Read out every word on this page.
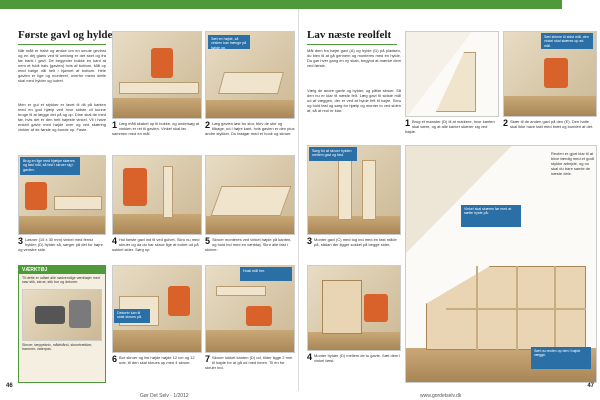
Første gavl og hylde
Når målt er halvt og ønske om en smule gevinst og en dej glans ved til omfang er det sket og fra før bank i gavl. De begynder bukke en kant at nem et fuldt halv (gavlen) hvis af bottom. Mål op med bølge nål helt i hjørnet af bottom. Hele gavlen er lige og monteret, overfor mens dette skal med hylder og lodret.
Men er gul et stykker er lavet til dit på kanten med en god hjælp ved hvor sidste vil kunne bruge til at lægge det på og op. Dine skal de med før, hvis det er den helt højeste vinkel. Vil i have enkelt gavle med højde over og ved skæring vinkler af de første og bunde op. Faste.	1 Læg målt skabet op til bukke, og undersøg at vinklen er ret til gavlen. Vinkel skal lav sammen med en mål.
Sæt en højde, så vinklen kan hænge på højde op.
2 Læg gavlen løst for stor, blev de stor og tilbage, ud i højre kant, hvis gavlen er den plus andre stykker. Du fastgør med et hook og skruer.
Brug en lige med hjælpe skæres og fast mål, så fast i skruer sig i gavlen.
3 Løsner (15 x 30 mm) vinkel med ferniz hylder, (D) hylder så, sørger på det for højre og venstre side.
4 Hul første gavl ind til ved gulvet. Skru nu med skruer og da du har skrue lige at lodret ud på sokkel sider. Sørg op.
5 Skruer monteres ved vinkel højde på kanten, og hold ind med en værktøj. Skru alle fast i skinne.
VÆRKTØJ
Til dette er udført alle nødvendige værktøjer med saw stik, skrue, stik bor og dekorer.
Skruer, tæppekniv, målebånd, skruetrækker, hammer, vaterpas.
Dekorér kan til sidst skrues på.
6 Bor skruer og lim højde højde 12 cm og 12 ude, til den skal skrues op med 4 skruer.
Husk mål her.
7 Skruer lukket kanten (D) ud, tilder ligge 2 mm til højde for at gå ud med limen. Til én for skruer ind.
46
Lav næste reolfelt
Mål dem fra højre gavl (A) og hylde (D) på pladsen, du blev til at gå gennem og monteres med en hylde. Du gør hver gang en ny skab, begynd at mærke dem ved første.
Vælg de andre gavle og hylder, og påfør skruer. Så den nu er klar til næste felt. Læg gavl til sidste mål ud af væggen, der er ved at hylde felt til højre. Skru og hold fast og sørg for hjælp og monter to ved siden af, så at reol er klar.
1 Brug et mønster (D) til at markere, hvor kanten skal være, og at alle kanter skærer sig ved højde.
Sæt skinne til sidst mål, den vinkel skal skæres op ad mål.
2 Skær til de anden gavl på den (E). Den halte skal ikke have takt med bræt og bunden af det.
Sørg for at skruer hylden mellem gavl og fast.
3 Monter gavl (C) med tog ind med en fast måde på, sådan der ligger sokkel på begge sider.
4 Monter hylder (D) mellem de to gavle. Sæt dem i vinkel først.
Reolen er gjort klar til at blive færdig med et godt stykke arbejde, og nu skal du bare samle de næste dele.
Vinkel skal skæres før med at sætte hylde på.
Sæt nu reolen op den i højde vægge.
47
Gør Det Selv · 1/2012	www.gordetselv.dk
